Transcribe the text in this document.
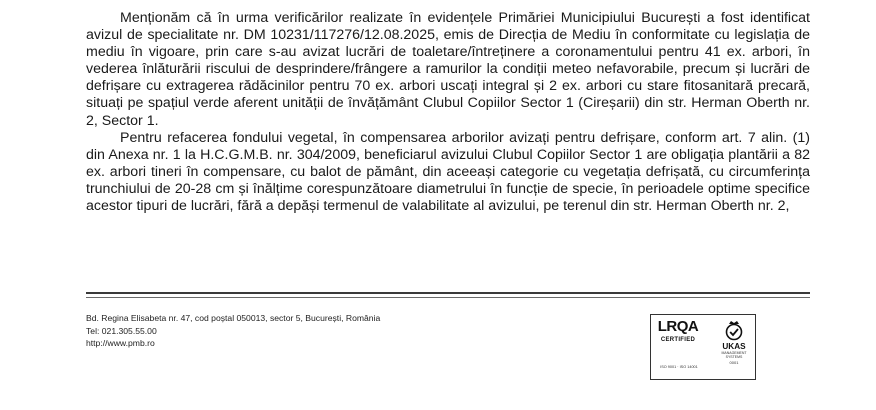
Menționăm că în urma verificărilor realizate în evidențele Primăriei Municipiului București a fost identificat avizul de specialitate nr. DM 10231/117276/12.08.2025, emis de Direcția de Mediu în conformitate cu legislația de mediu în vigoare, prin care s-au avizat lucrări de toaletare/întreținere a coronamentului pentru 41 ex. arbori, în vederea înlăturării riscului de desprindere/frângere a ramurilor la condiții meteo nefavorabile, precum și lucrări de defrișare cu extragerea rădăcinilor pentru 70 ex. arbori uscați integral și 2 ex. arbori cu stare fitosanitară precară, situați pe spațiul verde aferent unității de învățământ Clubul Copiilor Sector 1 (Cireșarii) din str. Herman Oberth nr. 2, Sector 1.

Pentru refacerea fondului vegetal, în compensarea arborilor avizați pentru defrișare, conform art. 7 alin. (1) din Anexa nr. 1 la H.C.G.M.B. nr. 304/2009, beneficiarul avizului Clubul Copiilor Sector 1 are obligația plantării a 82 ex. arbori tineri în compensare, cu balot de pământ, din aceeași categorie cu vegetația defrișată, cu circumferința trunchiului de 20-28 cm și înălțime corespunzătoare diametrului în funcție de specie, în perioadele optime specifice acestor tipuri de lucrări, fără a depăși termenul de valabilitate al avizului, pe terenul din str. Herman Oberth nr. 2,

Bd. Regina Elisabeta nr. 47, cod poștal 050013, sector 5, București, România
Tel: 021.305.55.00
http://www.pmb.ro
LRQA
CERTIFIED
ISO 9001 · ISO 14001
UKAS
MANAGEMENT SYSTEMS
0001
